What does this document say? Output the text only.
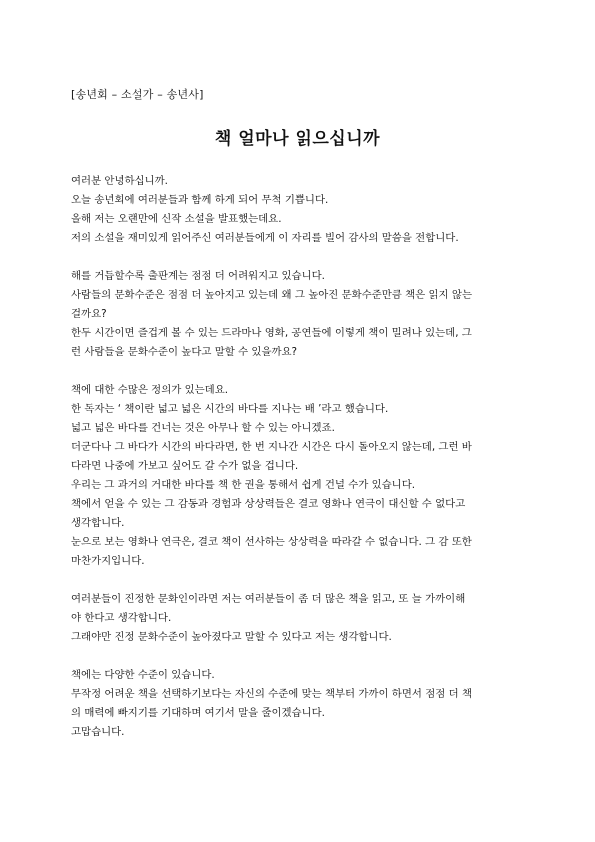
[송년회 – 소설가 – 송년사]
책 얼마나 읽으십니까
여러분 안녕하십니까.
오늘 송년회에 여러분들과 함께 하게 되어 무척 기쁩니다.
올해 저는 오랜만에 신작 소설을 발표했는데요.
저의 소설을 재미있게 읽어주신 여러분들에게 이 자리를 빌어 감사의 말씀을 전합니다.
해를 거듭할수록 출판계는 점점 더 어려워지고 있습니다.
사람들의 문화수준은 점점 더 높아지고 있는데 왜 그 높아진 문화수준만큼 책은 읽지 않는
걸까요?
한두 시간이면 즐겁게 볼 수 있는 드라마나 영화, 공연들에 이렇게 책이 밀려나 있는데, 그
런 사람들을 문화수준이 높다고 말할 수 있을까요?
책에 대한 수많은 정의가 있는데요.
한 독자는 ‘ 책이란 넓고 넓은 시간의 바다를 지나는 배 ’라고 했습니다.
넓고 넓은 바다를 건너는 것은 아무나 할 수 있는 아니겠죠.
더군다나 그 바다가 시간의 바다라면, 한 번 지나간 시간은 다시 돌아오지 않는데, 그런 바
다라면 나중에 가보고 싶어도 갈 수가 없을 겁니다.
우리는 그 과거의 거대한 바다를 책 한 권을 통해서 쉽게 건널 수가 있습니다.
책에서 얻을 수 있는 그 감동과 경험과 상상력들은 결코 영화나 연극이 대신할 수 없다고
생각합니다.
눈으로 보는 영화나 연극은, 결코 책이 선사하는 상상력을 따라갈 수 없습니다. 그 감 또한
마찬가지입니다.
여러분들이 진정한 문화인이라면 저는 여러분들이 좀 더 많은 책을 읽고, 또 늘 가까이해
야 한다고 생각합니다.
그래야만 진정 문화수준이 높아졌다고 말할 수 있다고 저는 생각합니다.
책에는 다양한 수준이 있습니다.
무작정 어려운 책을 선택하기보다는 자신의 수준에 맞는 책부터 가까이 하면서 점점 더 책
의 매력에 빠지기를 기대하며 여기서 말을 줄이겠습니다.
고맙습니다.
